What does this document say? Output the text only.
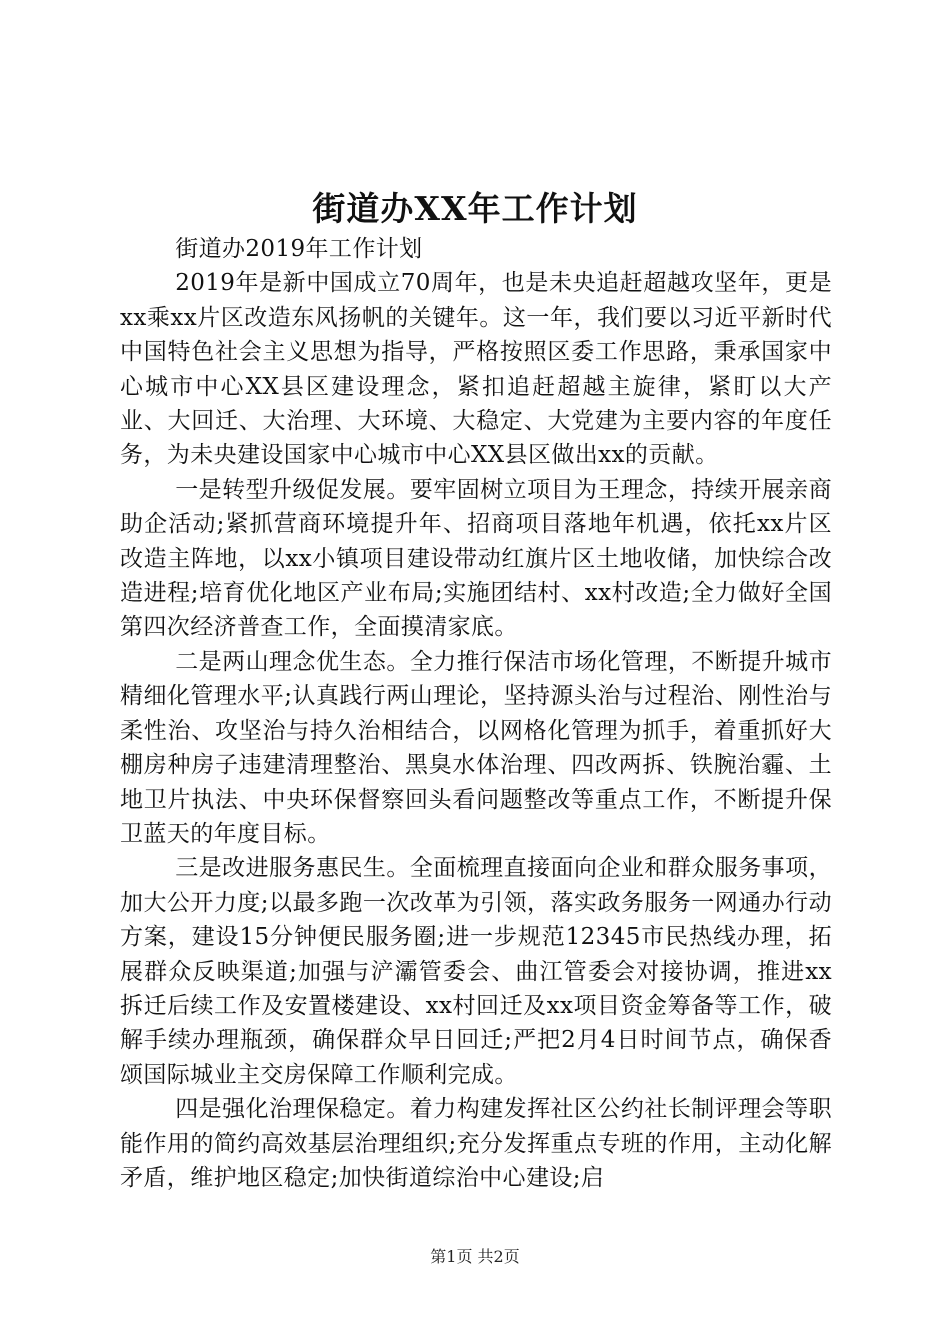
街道办XX年工作计划

街道办2019年工作计划

2019年是新中国成立70周年，也是未央追赶超越攻坚年，更是xx乘xx片区改造东风扬帆的关键年。这一年，我们要以习近平新时代中国特色社会主义思想为指导，严格按照区委工作思路，秉承国家中心城市中心XX县区建设理念，紧扣追赶超越主旋律，紧盯以大产业、大回迁、大治理、大环境、大稳定、大党建为主要内容的年度任务，为未央建设国家中心城市中心XX县区做出xx的贡献。

一是转型升级促发展。要牢固树立项目为王理念，持续开展亲商助企活动;紧抓营商环境提升年、招商项目落地年机遇，依托xx片区改造主阵地，以xx小镇项目建设带动红旗片区土地收储，加快综合改造进程;培育优化地区产业布局;实施团结村、xx村改造;全力做好全国第四次经济普查工作，全面摸清家底。

二是两山理念优生态。全力推行保洁市场化管理，不断提升城市精细化管理水平;认真践行两山理论，坚持源头治与过程治、刚性治与柔性治、攻坚治与持久治相结合，以网格化管理为抓手，着重抓好大棚房种房子违建清理整治、黑臭水体治理、四改两拆、铁腕治霾、土地卫片执法、中央环保督察回头看问题整改等重点工作，不断提升保卫蓝天的年度目标。

三是改进服务惠民生。全面梳理直接面向企业和群众服务事项，加大公开力度;以最多跑一次改革为引领，落实政务服务一网通办行动方案，建设15分钟便民服务圈;进一步规范12345市民热线办理，拓展群众反映渠道;加强与浐灞管委会、曲江管委会对接协调，推进xx拆迁后续工作及安置楼建设、xx村回迁及xx项目资金筹备等工作，破解手续办理瓶颈，确保群众早日回迁;严把2月4日时间节点，确保香颂国际城业主交房保障工作顺利完成。

四是强化治理保稳定。着力构建发挥社区公约社长制评理会等职能作用的简约高效基层治理组织;充分发挥重点专班的作用，主动化解矛盾，维护地区稳定;加快街道综治中心建设;启

第1页 共2页
